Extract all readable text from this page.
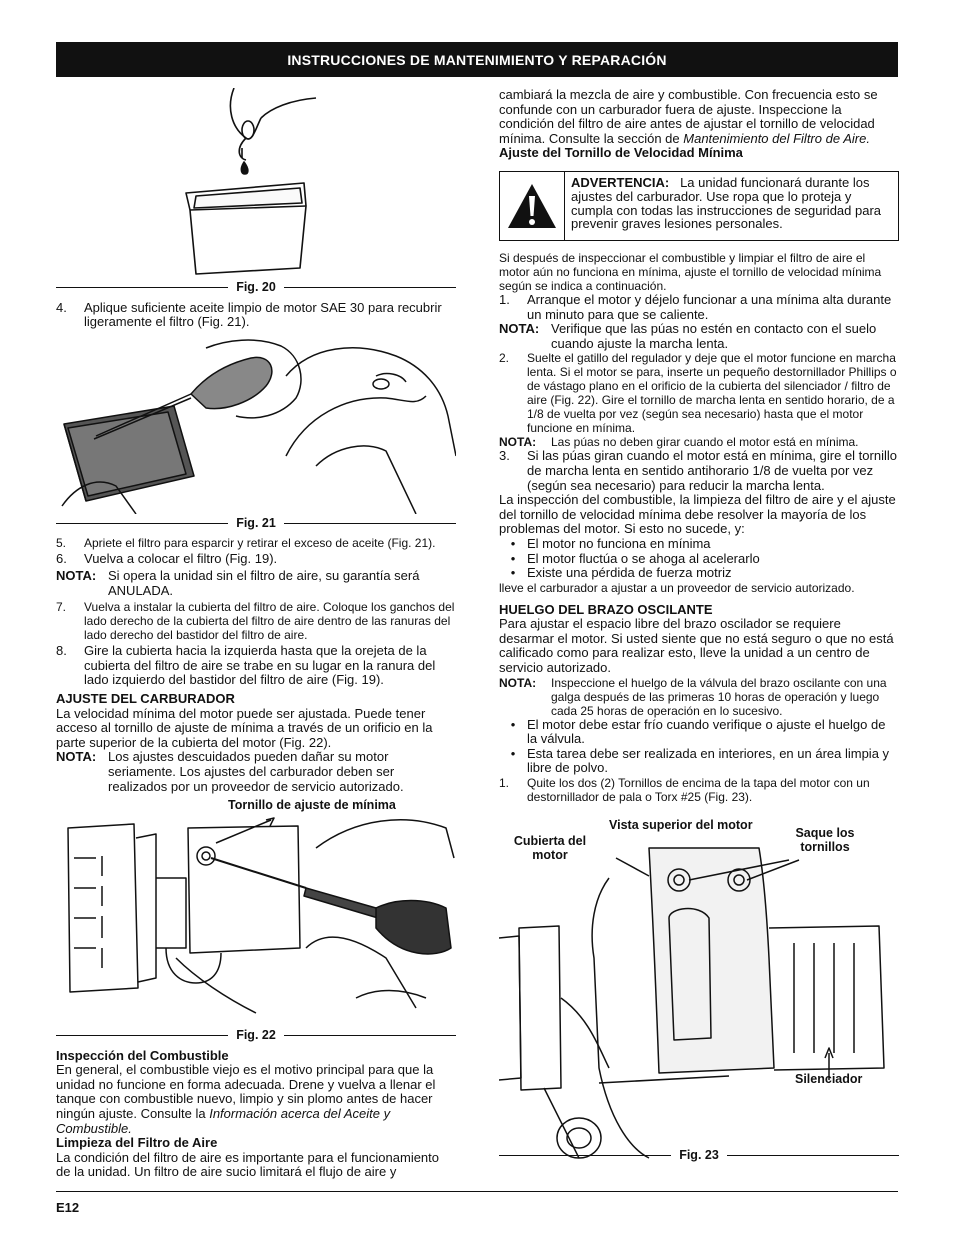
INSTRUCCIONES DE MANTENIMIENTO Y REPARACIÓN
Fig. 20
4.	Aplique suficiente aceite limpio de motor SAE 30 para recubrir ligeramente el filtro (Fig. 21).
Fig. 21
5.	Apriete el filtro para esparcir y retirar el exceso de aceite (Fig. 21).
6.	Vuelva a colocar el filtro (Fig. 19).
NOTA: Si opera la unidad sin el filtro de aire, su garantía será ANULADA.
7.	Vuelva a instalar la cubierta del filtro de aire. Coloque los ganchos del lado derecho de la cubierta del filtro de aire dentro de las ranuras del lado derecho del bastidor del filtro de aire.
8.	Gire la cubierta hacia la izquierda hasta que la orejeta de la cubierta del filtro de aire se trabe en su lugar en la ranura del lado izquierdo del bastidor del filtro de aire (Fig. 19).

AJUSTE DEL CARBURADOR

La velocidad mínima del motor puede ser ajustada. Puede tener acceso al tornillo de ajuste de mínima a través de un orificio en la parte superior de la cubierta del motor (Fig. 22).

NOTA: Los ajustes descuidados pueden dañar su motor seriamente. Los ajustes del carburador deben ser realizados por un proveedor de servicio autorizado.
Tornillo de ajuste de mínima
Fig. 22

Inspección del Combustible

En general, el combustible viejo es el motivo principal para que la unidad no funcione en forma adecuada. Drene y vuelva a llenar el tanque con combustible nuevo, limpio y sin plomo antes de hacer ningún ajuste. Consulte la Información acerca del Aceite y Combustible.

Limpieza del Filtro de Aire

La condición del filtro de aire es importante para el funcionamiento de la unidad. Un filtro de aire sucio limitará el flujo de aire y

cambiará la mezcla de aire y combustible. Con frecuencia esto se confunde con un carburador fuera de ajuste. Inspeccione la condición del filtro de aire antes de ajustar el tornillo de velocidad mínima. Consulte la sección de Mantenimiento del Filtro de Aire.

Ajuste del Tornillo de Velocidad Mínima

ADVERTENCIA: La unidad funcionará durante los ajustes del carburador. Use ropa que lo proteja y cumpla con todas las instrucciones de seguridad para prevenir graves lesiones personales.

Si después de inspeccionar el combustible y limpiar el filtro de aire el motor aún no funciona en mínima, ajuste el tornillo de velocidad mínima según se indica a continuación.

1.	Arranque el motor y déjelo funcionar a una mínima alta durante un minuto para que se caliente.
NOTA: Verifique que las púas no estén en contacto con el suelo cuando ajuste la marcha lenta.
2.	Suelte el gatillo del regulador y deje que el motor funcione en marcha lenta. Si el motor se para, inserte un pequeño destornillador Phillips o de vástago plano en el orificio de la cubierta del silenciador / filtro de aire (Fig. 22). Gire el tornillo de marcha lenta en sentido horario, de a 1/8 de vuelta por vez (según sea necesario) hasta que el motor funcione en mínima.
NOTA:	Las púas no deben girar cuando el motor está en mínima.
3.	Si las púas giran cuando el motor está en mínima, gire el tornillo de marcha lenta en sentido antihorario 1/8 de vuelta por vez (según sea necesario) para reducir la marcha lenta.

La inspección del combustible, la limpieza del filtro de aire y el ajuste del tornillo de velocidad mínima debe resolver la mayoría de los problemas del motor. Si esto no sucede, y:

• El motor no funciona en mínima
• El motor fluctúa o se ahoga al acelerarlo
• Existe una pérdida de fuerza motriz

lleve el carburador a ajustar a un proveedor de servicio autorizado.

HUELGO DEL BRAZO OSCILANTE

Para ajustar el espacio libre del brazo oscilador se requiere desarmar el motor. Si usted siente que no está seguro o que no está calificado como para realizar esto, lleve la unidad a un centro de servicio autorizado.

NOTA:	Inspeccione el huelgo de la válvula del brazo oscilante con una galga después de las primeras 10 horas de operación y luego cada 25 horas de operación en lo sucesivo.
• El motor debe estar frío cuando verifique o ajuste el huelgo de la válvula.
• Esta tarea debe ser realizada en interiores, en un área limpia y libre de polvo.
1.	Quite los dos (2) Tornillos de encima de la tapa del motor con un destornillador de pala o Torx #25 (Fig. 23).
Vista superior del motor
Cubierta del motor
Saque los tornillos
Silenciador
Fig. 23
E12
